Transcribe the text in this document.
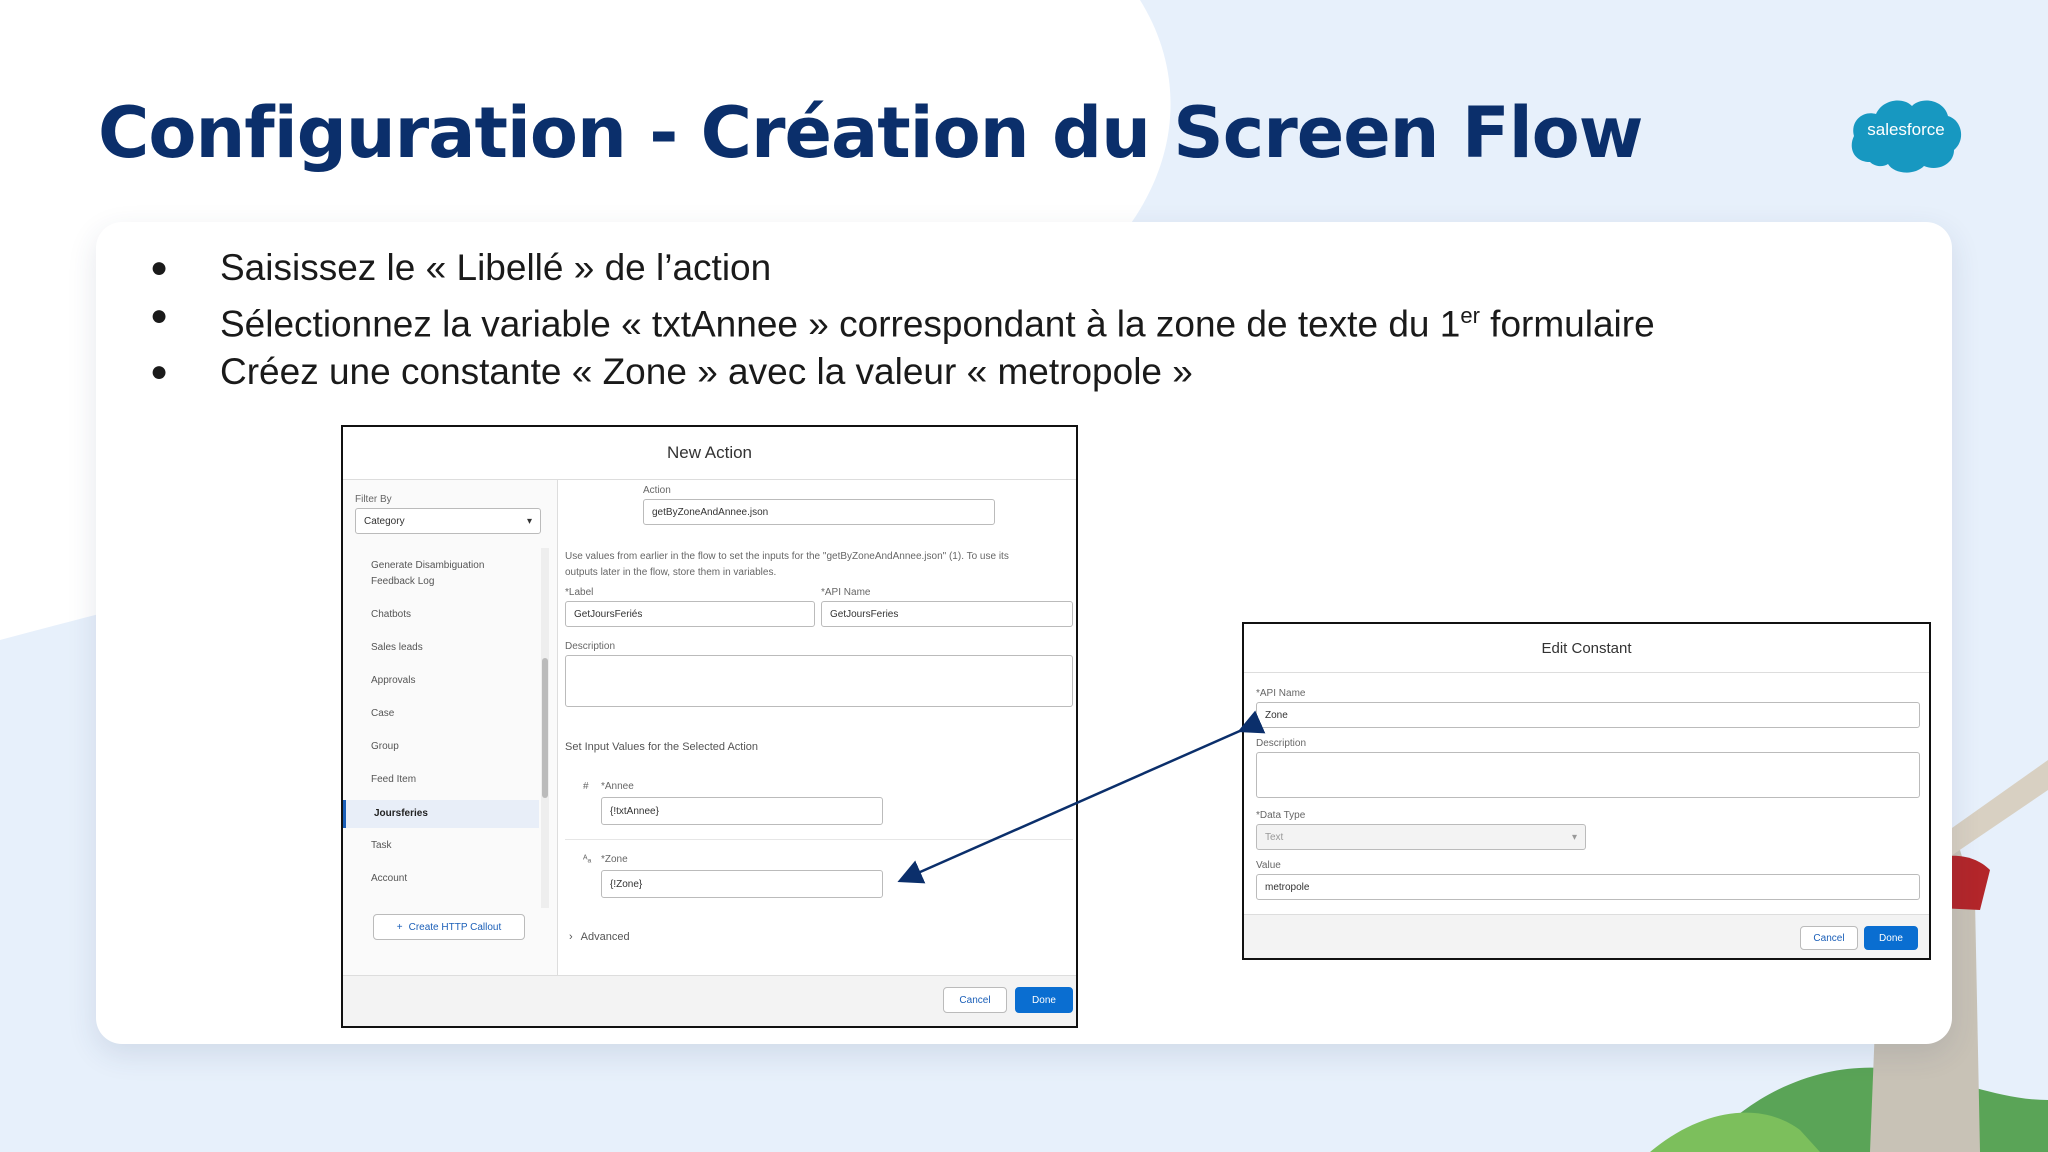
Configuration - Création du Screen Flow	salesforce
● Saisissez le « Libellé » de l’action
● Sélectionnez la variable « txtAnnee » correspondant à la zone de texte du 1er formulaire
● Créez une constante « Zone » avec la valeur « metropole »
New Action
Filter By
Category	▾
Generate Disambiguation
Feedback Log
Chatbots
Sales leads
Approvals
Case
Group
Feed Item
Joursferies
Task
Account
+ Create HTTP Callout
Action
getByZoneAndAnnee.json
Use values from earlier in the flow to set the inputs for the "getByZoneAndAnnee.json" (1). To use its
outputs later in the flow, store them in variables.
*Label
GetJoursFeriés
*API Name
GetJoursFeries
Description
Set Input Values for the Selected Action
# *Annee
{!txtAnnee}
ᴬₐ *Zone
{!Zone}
› Advanced
Cancel	Done
Edit Constant
*API Name
Zone
Description
*Data Type
Text	▾
Value
metropole
Cancel	Done
